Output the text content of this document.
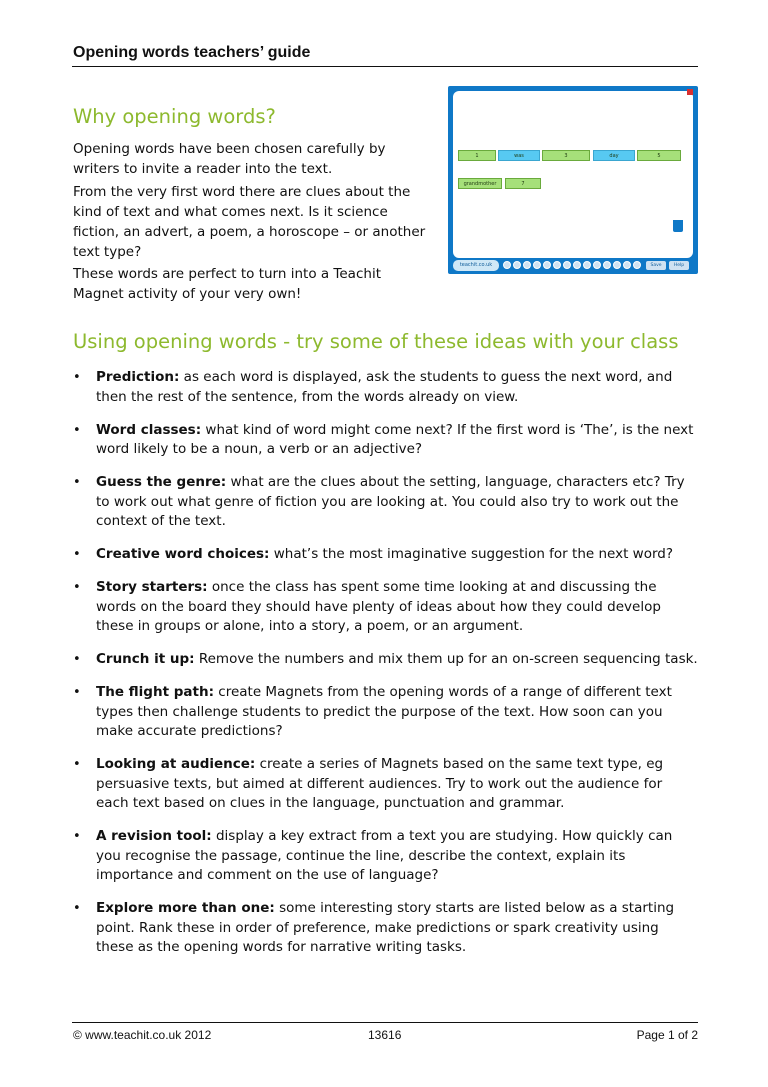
Opening words teachers’ guide
Why opening words?

Opening words have been chosen carefully by writers to invite a reader into the text.

From the very first word there are clues about the kind of text and what comes next. Is it science fiction, an advert, a poem, a horoscope – or another text type?

These words are perfect to turn into a Teachit Magnet activity of your very own!

1	was	3	day	5
grandmother	7
teachit.co.uk	Save	Help
Using opening words - try some of these ideas with your class
• Prediction: as each word is displayed, ask the students to guess the next word, and then the rest of the sentence, from the words already on view.
• Word classes: what kind of word might come next? If the first word is ‘The’, is the next word likely to be a noun, a verb or an adjective?
• Guess the genre: what are the clues about the setting, language, characters etc? Try to work out what genre of fiction you are looking at. You could also try to work out the context of the text.
• Creative word choices: what’s the most imaginative suggestion for the next word?
• Story starters: once the class has spent some time looking at and discussing the words on the board they should have plenty of ideas about how they could develop these in groups or alone, into a story, a poem, or an argument.
• Crunch it up: Remove the numbers and mix them up for an on-screen sequencing task.
• The flight path: create Magnets from the opening words of a range of different text types then challenge students to predict the purpose of the text. How soon can you make accurate predictions?
• Looking at audience: create a series of Magnets based on the same text type, eg persuasive texts, but aimed at different audiences. Try to work out the audience for each text based on clues in the language, punctuation and grammar.
• A revision tool: display a key extract from a text you are studying. How quickly can you recognise the passage, continue the line, describe the context, explain its importance and comment on the use of language?
• Explore more than one: some interesting story starts are listed below as a starting point. Rank these in order of preference, make predictions or spark creativity using these as the opening words for narrative writing tasks.
© www.teachit.co.uk 2012	13616	Page 1 of 2
